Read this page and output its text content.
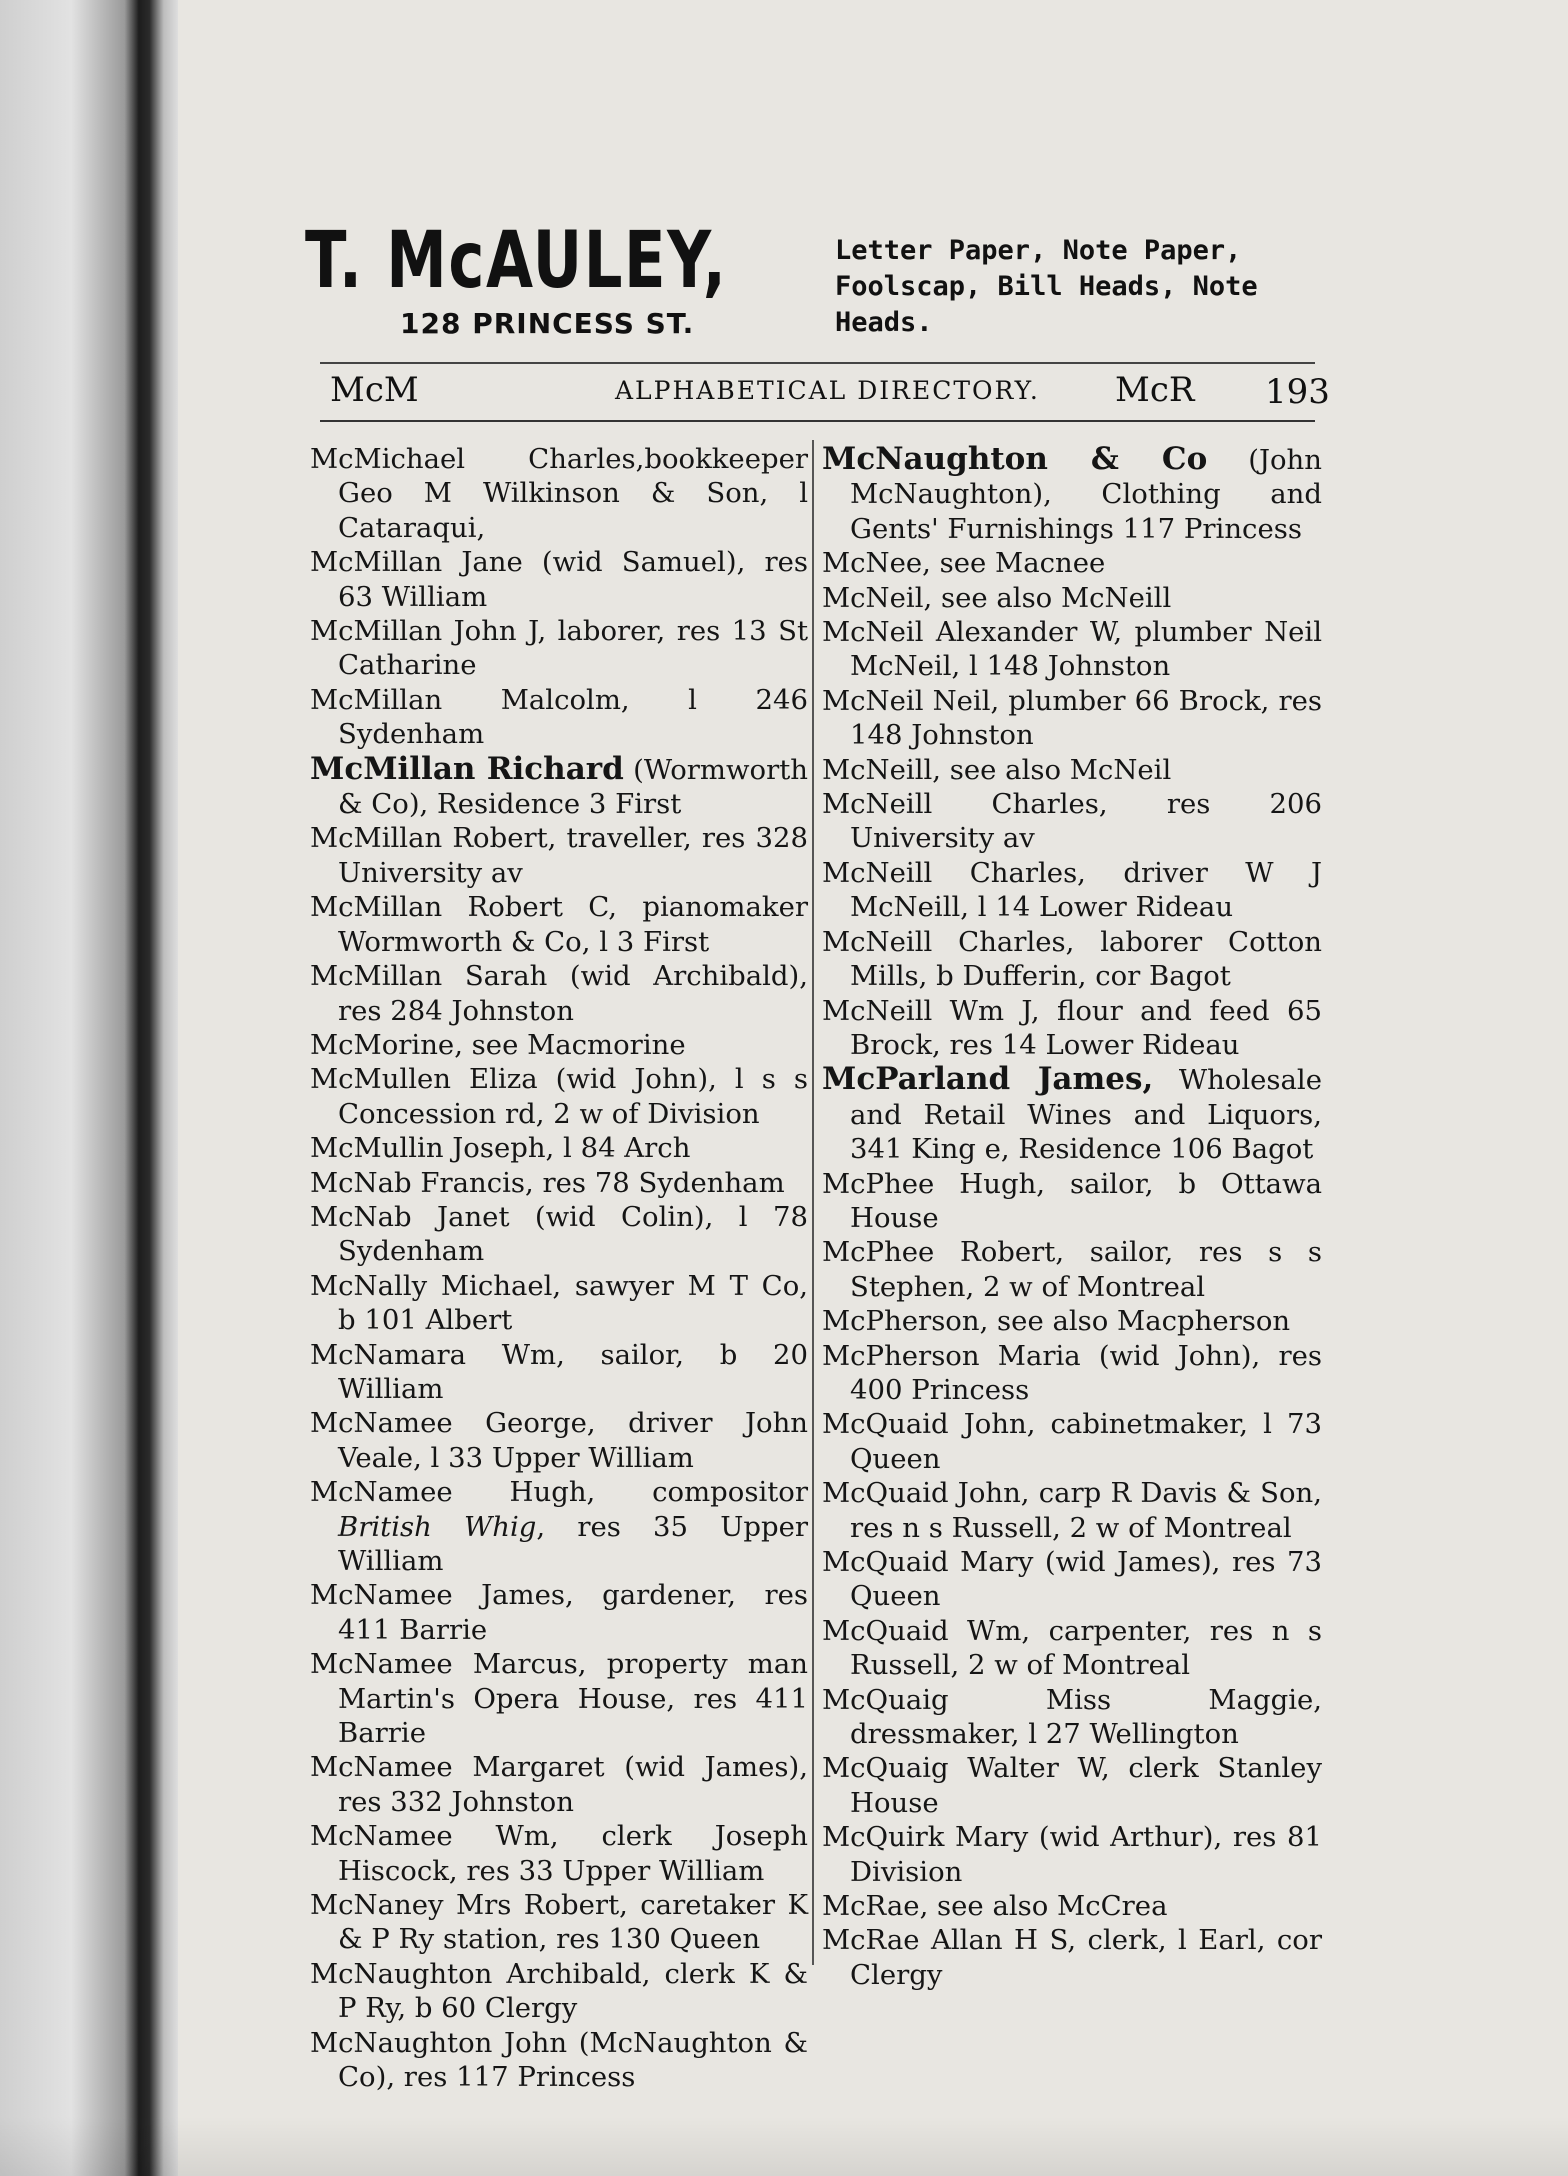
T. McAULEY,
128 PRINCESS ST.
Letter Paper, Note Paper, Foolscap, Bill Heads, Note Heads.
McM	ALPHABETICAL DIRECTORY. McR 193

McMichael Charles,bookkeeper Geo M Wilkinson & Son, l Cataraqui,

McMillan Jane (wid Samuel), res 63 William

McMillan John J, laborer, res 13 St Catharine

McMillan Malcolm, l 246 Sydenham

McMillan Richard (Wormworth & Co), Residence 3 First

McMillan Robert, traveller, res 328 University av

McMillan Robert C, pianomaker Wormworth & Co, l 3 First

McMillan Sarah (wid Archibald), res 284 Johnston

McMorine, see Macmorine

McMullen Eliza (wid John), l s s Concession rd, 2 w of Division

McMullin Joseph, l 84 Arch

McNab Francis, res 78 Sydenham

McNab Janet (wid Colin), l 78 Sydenham

McNally Michael, sawyer M T Co, b 101 Albert

McNamara Wm, sailor, b 20 William

McNamee George, driver John Veale, l 33 Upper William

McNamee Hugh, compositor British Whig, res 35 Upper William

McNamee James, gardener, res 411 Barrie

McNamee Marcus, property man Martin's Opera House, res 411 Barrie

McNamee Margaret (wid James), res 332 Johnston

McNamee Wm, clerk Joseph Hiscock, res 33 Upper William

McNaney Mrs Robert, caretaker K & P Ry station, res 130 Queen

McNaughton Archibald, clerk K & P Ry, b 60 Clergy

McNaughton John (McNaughton & Co), res 117 Princess

McNaughton & Co (John McNaughton), Clothing and Gents' Furnishings 117 Princess

McNee, see Macnee

McNeil, see also McNeill

McNeil Alexander W, plumber Neil McNeil, l 148 Johnston

McNeil Neil, plumber 66 Brock, res 148 Johnston

McNeill, see also McNeil

McNeill Charles, res 206 University av

McNeill Charles, driver W J McNeill, l 14 Lower Rideau

McNeill Charles, laborer Cotton Mills, b Dufferin, cor Bagot

McNeill Wm J, flour and feed 65 Brock, res 14 Lower Rideau

McParland James, Wholesale and Retail Wines and Liquors, 341 King e, Residence 106 Bagot

McPhee Hugh, sailor, b Ottawa House

McPhee Robert, sailor, res s s Stephen, 2 w of Montreal

McPherson, see also Macpherson

McPherson Maria (wid John), res 400 Princess

McQuaid John, cabinetmaker, l 73 Queen

McQuaid John, carp R Davis & Son, res n s Russell, 2 w of Montreal

McQuaid Mary (wid James), res 73 Queen

McQuaid Wm, carpenter, res n s Russell, 2 w of Montreal

McQuaig Miss Maggie, dressmaker, l 27 Wellington

McQuaig Walter W, clerk Stanley House

McQuirk Mary (wid Arthur), res 81 Division

McRae, see also McCrea

McRae Allan H S, clerk, l Earl, cor Clergy
